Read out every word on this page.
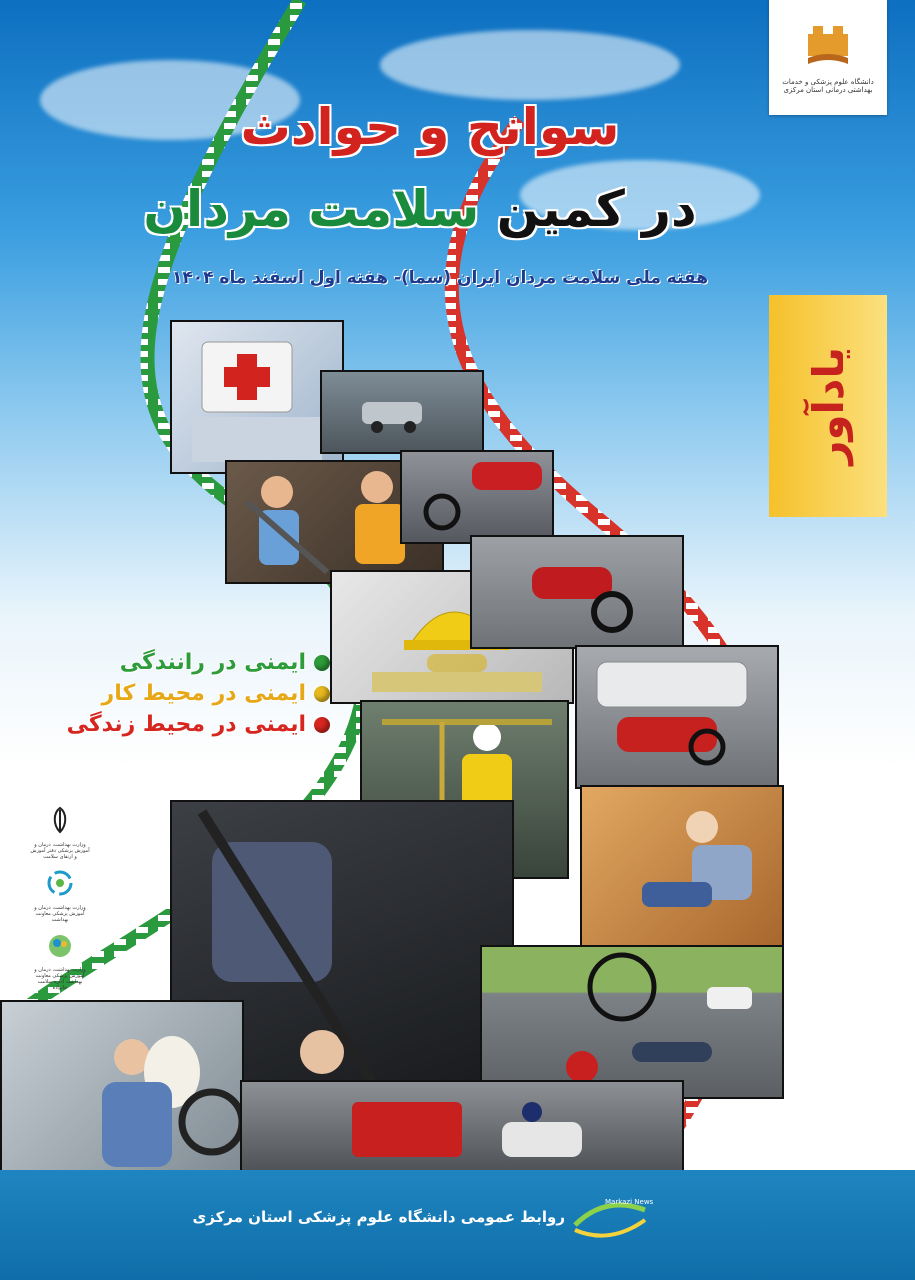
دانشگاه علوم پزشکی و خدمات بهداشتی درمانی استان مرکزی
سوانح و حوادث
در کمین سلامت مردان
هفته ملی سلامت مردان ایران (سما)- هفته اول اسفند ماه ۱۴۰۴
یادآور
ایمنی در رانندگی
ایمنی در محیط کار
ایمنی در محیط زندگی
وزارت بهداشت، درمان و آموزش پزشکی دفتر آموزش و ارتقای سلامت
وزارت بهداشت، درمان و آموزش پزشکی معاونت بهداشت
وزارت بهداشت، درمان و آموزش پزشکی معاونت بهداشت اداره سلامت خانواده
روابط عمومی دانشگاه علوم پزشکی استان مرکزی
Markazi News
